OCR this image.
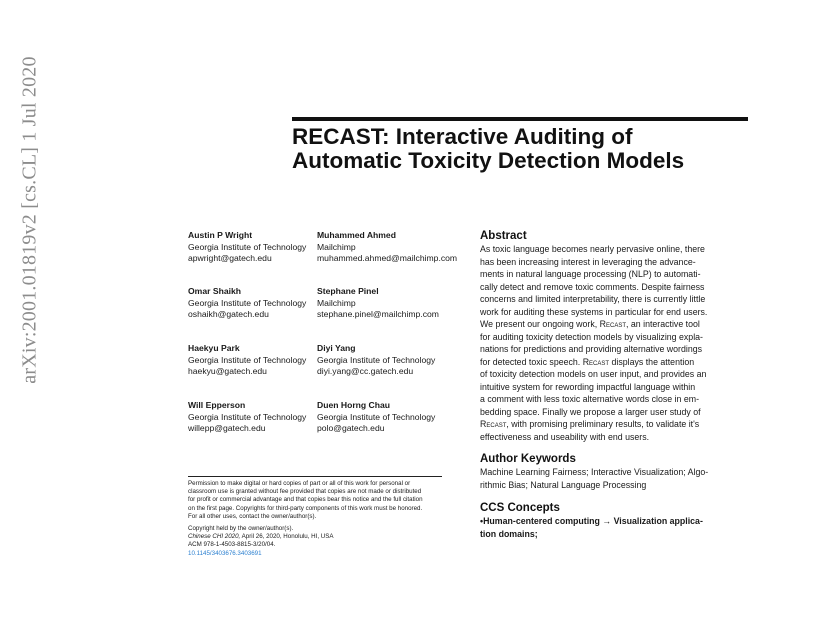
arXiv:2001.01819v2 [cs.CL] 1 Jul 2020	RECAST: Interactive Auditing of
Automatic Toxicity Detection Models
Austin P Wright
Georgia Institute of Technology
apwright@gatech.edu
Muhammed Ahmed
Mailchimp
muhammed.ahmed@mailchimp.com
Omar Shaikh
Georgia Institute of Technology
oshaikh@gatech.edu
Stephane Pinel
Mailchimp
stephane.pinel@mailchimp.com
Haekyu Park
Georgia Institute of Technology
haekyu@gatech.edu
Diyi Yang
Georgia Institute of Technology
diyi.yang@cc.gatech.edu
Will Epperson
Georgia Institute of Technology
willepp@gatech.edu
Duen Horng Chau
Georgia Institute of Technology
polo@gatech.edu
Abstract

As toxic language becomes nearly pervasive online, there
has been increasing interest in leveraging the advance-
ments in natural language processing (NLP) to automati-
cally detect and remove toxic comments. Despite fairness
concerns and limited interpretability, there is currently little
work for auditing these systems in particular for end users.
We present our ongoing work, Recast, an interactive tool
for auditing toxicity detection models by visualizing expla-
nations for predictions and providing alternative wordings
for detected toxic speech. Recast displays the attention
of toxicity detection models on user input, and provides an
intuitive system for rewording impactful language within
a comment with less toxic alternative words close in em-
bedding space. Finally we propose a larger user study of
Recast, with promising preliminary results, to validate it's
effectiveness and useability with end users.

Author Keywords

Machine Learning Fairness; Interactive Visualization; Algo-
rithmic Bias; Natural Language Processing

CCS Concepts

•Human-centered computing → Visualization applica-
tion domains;

Permission to make digital or hard copies of part or all of this work for personal or
classroom use is granted without fee provided that copies are not made or distributed
for profit or commercial advantage and that copies bear this notice and the full citation
on the first page. Copyrights for third-party components of this work must be honored.
For all other uses, contact the owner/author(s).
Copyright held by the owner/author(s).
Chinese CHI 2020, April 26, 2020, Honolulu, HI, USA
ACM 978-1-4503-8815-3/20/04.
10.1145/3403676.3403691
